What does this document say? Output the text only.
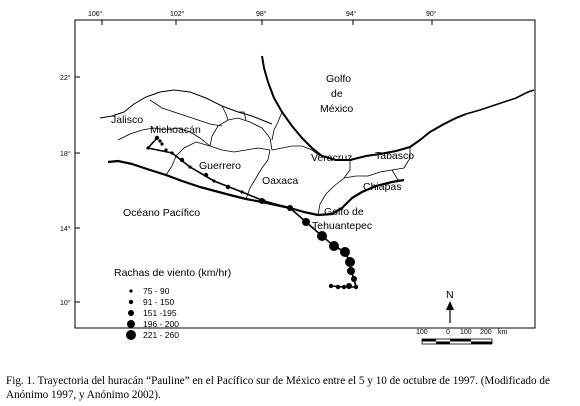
106°	102°	98°	94°	90°
22°
18°
14°
10°
Golfo
de
México
Jalisco
Michoacán
Guerrero
Oaxaca
Veracruz Tabasco
Chiapas
Océano Pacífico	Golfo de
Tehuantepec
Rachas de viento (km/hr)
75 - 90
91 - 150
151 -195
196 - 200
221 - 260
N
100	0 100 200 km
Fig. 1. Trayectoria del huracán “Pauline” en el Pacífico sur de México entre el 5 y 10 de octubre de 1997. (Modificado de Anónimo 1997, y Anónimo 2002).
